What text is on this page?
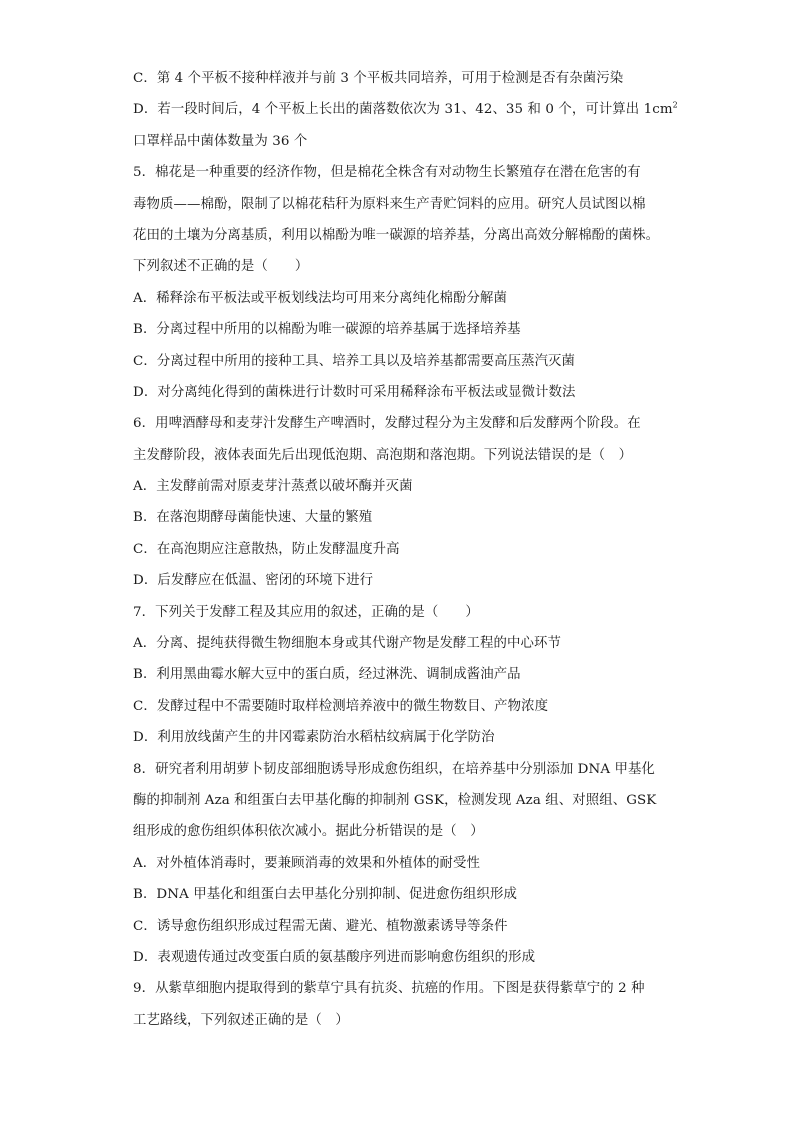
C．第 4 个平板不接种样液并与前 3 个平板共同培养，可用于检测是否有杂菌污染
D．若一段时间后，4 个平板上长出的菌落数依次为 31、42、35 和 0 个，可计算出 $1cm^2$
口罩样品中菌体数量为 36 个
5．棉花是一种重要的经济作物，但是棉花全株含有对动物生长繁殖存在潜在危害的有
毒物质——棉酚，限制了以棉花秸秆为原料来生产青贮饲料的应用。研究人员试图以棉
花田的土壤为分离基质，利用以棉酚为唯一碳源的培养基，分离出高效分解棉酚的菌株。
下列叙述不正确的是（　　）
A．稀释涂布平板法或平板划线法均可用来分离纯化棉酚分解菌
B．分离过程中所用的以棉酚为唯一碳源的培养基属于选择培养基
C．分离过程中所用的接种工具、培养工具以及培养基都需要高压蒸汽灭菌
D．对分离纯化得到的菌株进行计数时可采用稀释涂布平板法或显微计数法
6．用啤酒酵母和麦芽汁发酵生产啤酒时，发酵过程分为主发酵和后发酵两个阶段。在
主发酵阶段，液体表面先后出现低泡期、高泡期和落泡期。下列说法错误的是（　）
A．主发酵前需对原麦芽汁蒸煮以破坏酶并灭菌
B．在落泡期酵母菌能快速、大量的繁殖
C．在高泡期应注意散热，防止发酵温度升高
D．后发酵应在低温、密闭的环境下进行
7．下列关于发酵工程及其应用的叙述，正确的是（　　）
A．分离、提纯获得微生物细胞本身或其代谢产物是发酵工程的中心环节
B．利用黑曲霉水解大豆中的蛋白质，经过淋洗、调制成酱油产品
C．发酵过程中不需要随时取样检测培养液中的微生物数目、产物浓度
D．利用放线菌产生的井冈霉素防治水稻枯纹病属于化学防治
8．研究者利用胡萝卜韧皮部细胞诱导形成愈伤组织，在培养基中分别添加 DNA 甲基化
酶的抑制剂 Aza 和组蛋白去甲基化酶的抑制剂 GSK，检测发现 Aza 组、对照组、GSK
组形成的愈伤组织体积依次减小。据此分析错误的是（　）
A．对外植体消毒时，要兼顾消毒的效果和外植体的耐受性
B．DNA 甲基化和组蛋白去甲基化分别抑制、促进愈伤组织形成
C．诱导愈伤组织形成过程需无菌、避光、植物激素诱导等条件
D．表观遗传通过改变蛋白质的氨基酸序列进而影响愈伤组织的形成
9．从紫草细胞内提取得到的紫草宁具有抗炎、抗癌的作用。下图是获得紫草宁的 2 种
工艺路线，下列叙述正确的是（　）
